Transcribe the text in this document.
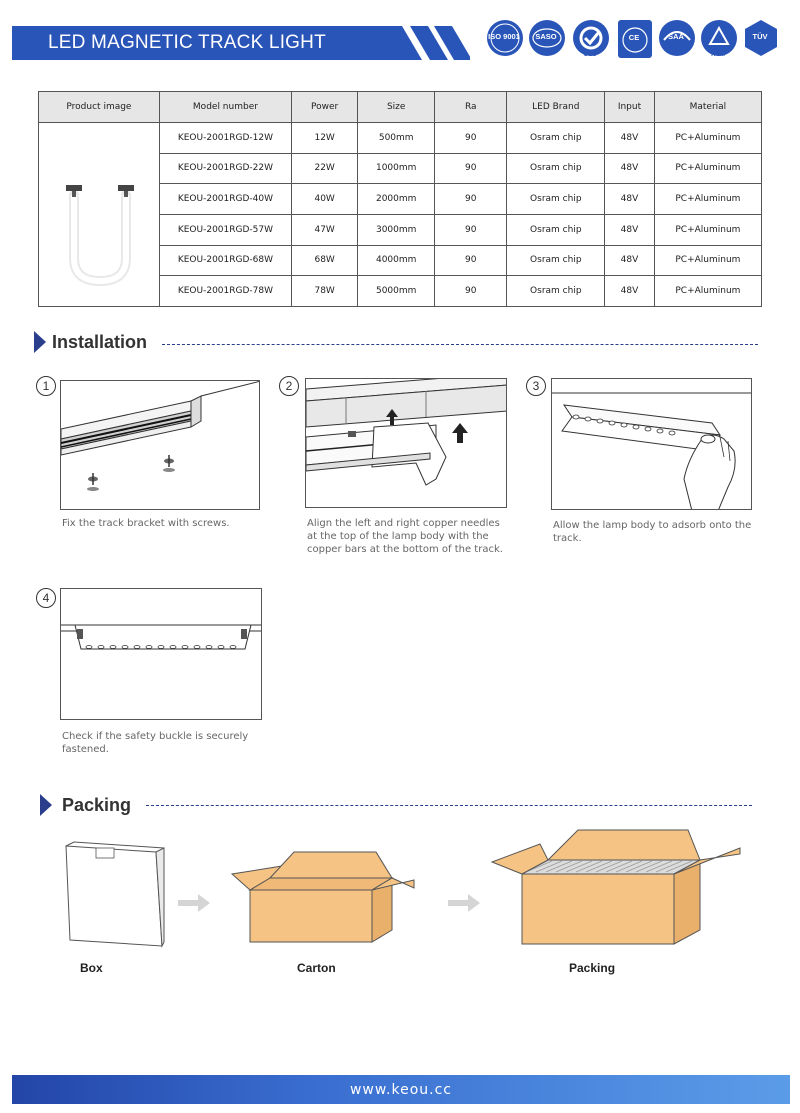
LED MAGNETIC TRACK LIGHT	ISO 9001	SASO
CCC
CE	SAA
RCM
TÜV
Product image	Model number	Power	Size	Ra	LED Brand	Input	Material
	KEOU-2001RGD-12W	12W	500mm	90	Osram chip	48V	PC+Aluminum
	KEOU-2001RGD-22W	22W	1000mm	90	Osram chip	48V	PC+Aluminum
	KEOU-2001RGD-40W	40W	2000mm	90	Osram chip	48V	PC+Aluminum
	KEOU-2001RGD-57W	47W	3000mm	90	Osram chip	48V	PC+Aluminum
	KEOU-2001RGD-68W	68W	4000mm	90	Osram chip	48V	PC+Aluminum
	KEOU-2001RGD-78W	78W	5000mm	90	Osram chip	48V	PC+Aluminum
Installation
1
Fix the track bracket with screws.
2
Align the left and right copper needles at the top of the lamp body with the copper bars at the bottom of the track.
3
Allow the lamp body to adsorb onto the track.
4
Check if the safety buckle is securely fastened.
Packing
Box	Carton	Packing
www.keou.cc
